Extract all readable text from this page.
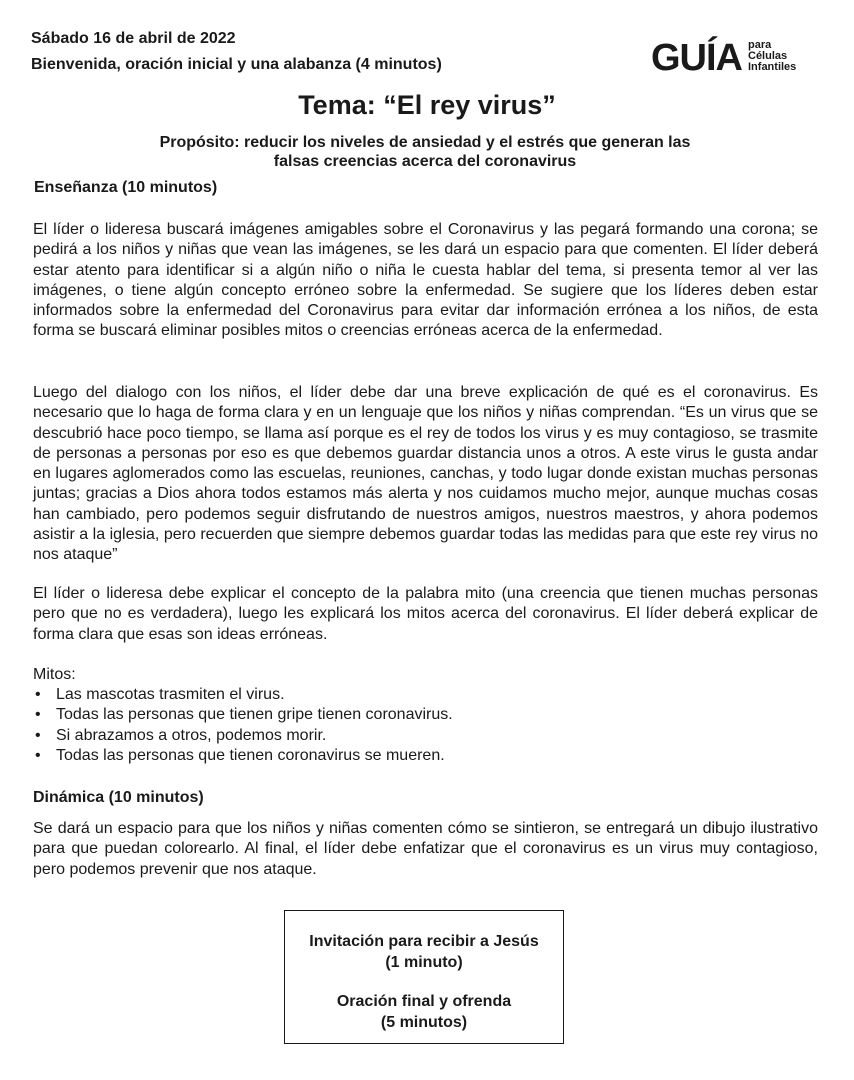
Sábado 16 de abril de 2022
Bienvenida, oración inicial y una alabanza (4 minutos)	GUÍA para
Células
Infantiles
Tema: “El rey virus”
Propósito: reducir los niveles de ansiedad y el estrés que generan las
falsas creencias acerca del coronavirus
Enseñanza (10 minutos)

El líder o lideresa buscará imágenes amigables sobre el Coronavirus y las pegará formando una corona; se pedirá a los niños y niñas que vean las imágenes, se les dará un espacio para que comenten. El líder deberá estar atento para identificar si a algún niño o niña le cuesta hablar del tema, si presenta temor al ver las imágenes, o tiene algún concepto erróneo sobre la enfermedad. Se sugiere que los líderes deben estar informados sobre la enfermedad del Coronavirus para evitar dar información errónea a los niños, de esta forma se buscará eliminar posibles mitos o creencias erróneas acerca de la enfermedad.

Luego del dialogo con los niños, el líder debe dar una breve explicación de qué es el coronavirus. Es necesario que lo haga de forma clara y en un lenguaje que los niños y niñas comprendan. “Es un virus que se descubrió hace poco tiempo, se llama así porque es el rey de todos los virus y es muy contagioso, se trasmite de personas a personas por eso es que debemos guardar distancia unos a otros. A este virus le gusta andar en lugares aglomerados como las escuelas, reuniones, canchas, y todo lugar donde existan muchas personas juntas; gracias a Dios ahora todos estamos más alerta y nos cuidamos mucho mejor, aunque muchas cosas han cambiado, pero podemos seguir disfrutando de nuestros amigos, nuestros maestros, y ahora podemos asistir a la iglesia, pero recuerden que siempre debemos guardar todas las medidas para que este rey virus no nos ataque”

El líder o lideresa debe explicar el concepto de la palabra mito (una creencia que tienen muchas personas pero que no es verdadera), luego les explicará los mitos acerca del coronavirus. El líder deberá explicar de forma clara que esas son ideas erróneas.

Mitos:
• Las mascotas trasmiten el virus.
• Todas las personas que tienen gripe tienen coronavirus.
• Si abrazamos a otros, podemos morir.
• Todas las personas que tienen coronavirus se mueren.
Dinámica (10 minutos)

Se dará un espacio para que los niños y niñas comenten cómo se sintieron, se entregará un dibujo ilustrativo para que puedan colorearlo. Al final, el líder debe enfatizar que el coronavirus es un virus muy contagioso, pero podemos prevenir que nos ataque.

Invitación para recibir a Jesús
(1 minuto)
Oración final y ofrenda
(5 minutos)
